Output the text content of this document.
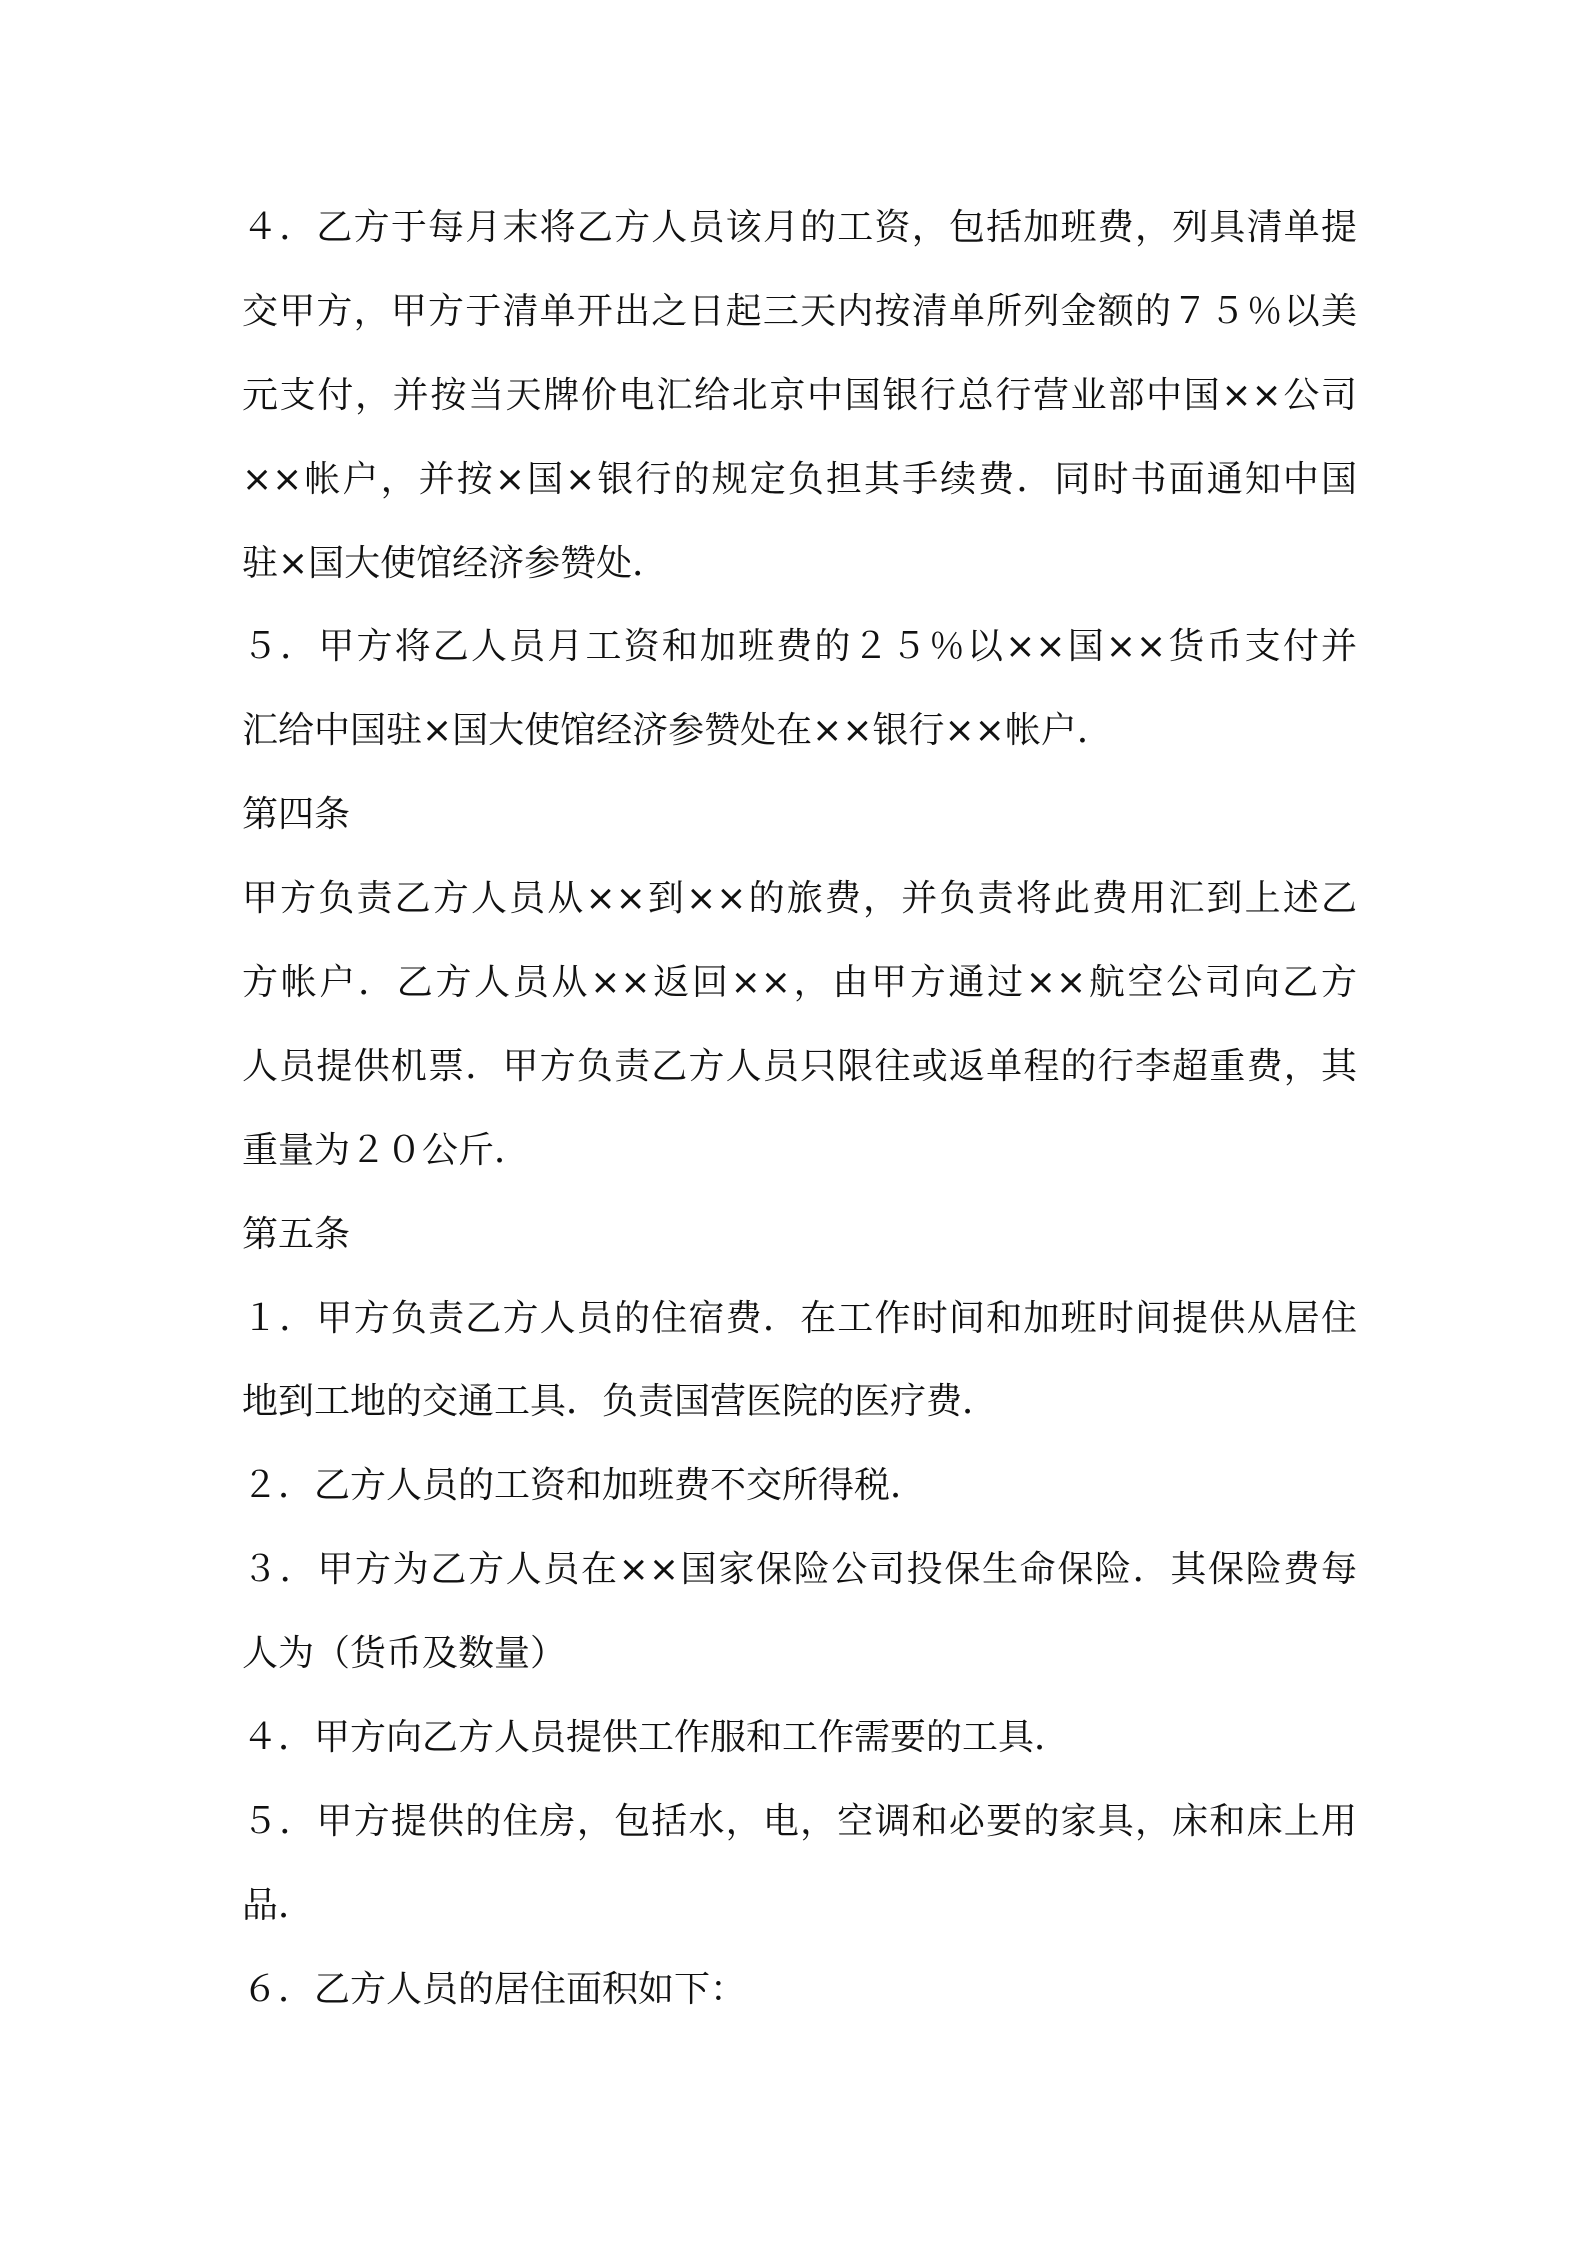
４．乙方于每月末将乙方人员该月的工资，包括加班费，列具清单提
交甲方，甲方于清单开出之日起三天内按清单所列金额的７５％以美
元支付，并按当天牌价电汇给北京中国银行总行营业部中国××公司
××帐户，并按×国×银行的规定负担其手续费．同时书面通知中国
驻×国大使馆经济参赞处．
５．甲方将乙人员月工资和加班费的２５％以××国××货币支付并
汇给中国驻×国大使馆经济参赞处在××银行××帐户．
第四条
甲方负责乙方人员从××到××的旅费，并负责将此费用汇到上述乙
方帐户．乙方人员从××返回××，由甲方通过××航空公司向乙方
人员提供机票．甲方负责乙方人员只限往或返单程的行李超重费，其
重量为２０公斤．
第五条
１．甲方负责乙方人员的住宿费．在工作时间和加班时间提供从居住
地到工地的交通工具．负责国营医院的医疗费．
２．乙方人员的工资和加班费不交所得税．
３．甲方为乙方人员在××国家保险公司投保生命保险．其保险费每
人为（货币及数量）
４．甲方向乙方人员提供工作服和工作需要的工具．
５．甲方提供的住房，包括水，电，空调和必要的家具，床和床上用
品．
６．乙方人员的居住面积如下：
